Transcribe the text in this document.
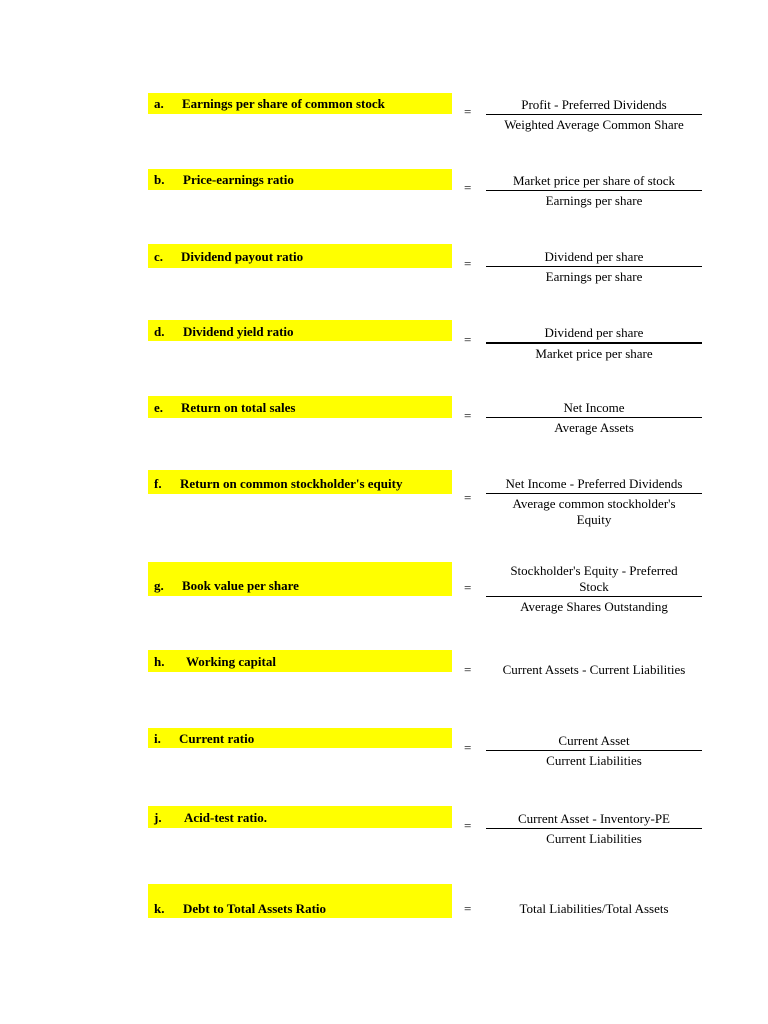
a. Earnings per share of common stock
=	Profit - Preferred Dividends
Weighted Average Common Share
b. Price-earnings ratio
=	Market price per share of stock
Earnings per share
c. Dividend payout ratio	=	Dividend per share
Earnings per share
d. Dividend yield ratio
=	Dividend per share
Market price per share
e. Return on total sales
=
Net Income
Average Assets
f. Return on common stockholder's equity
=
Net Income - Preferred Dividends
Average common stockholder's Equity
g. Book value per share	=
Stockholder's Equity - Preferred Stock
Average Shares Outstanding
h. Working capital
=	Current Assets - Current Liabilities
i. Current ratio
=	Current Asset
Current Liabilities
j. Acid-test ratio.
=	Current Asset - Inventory-PE
Current Liabilities
k. Debt to Total Assets Ratio	=	Total Liabilities/Total Assets
